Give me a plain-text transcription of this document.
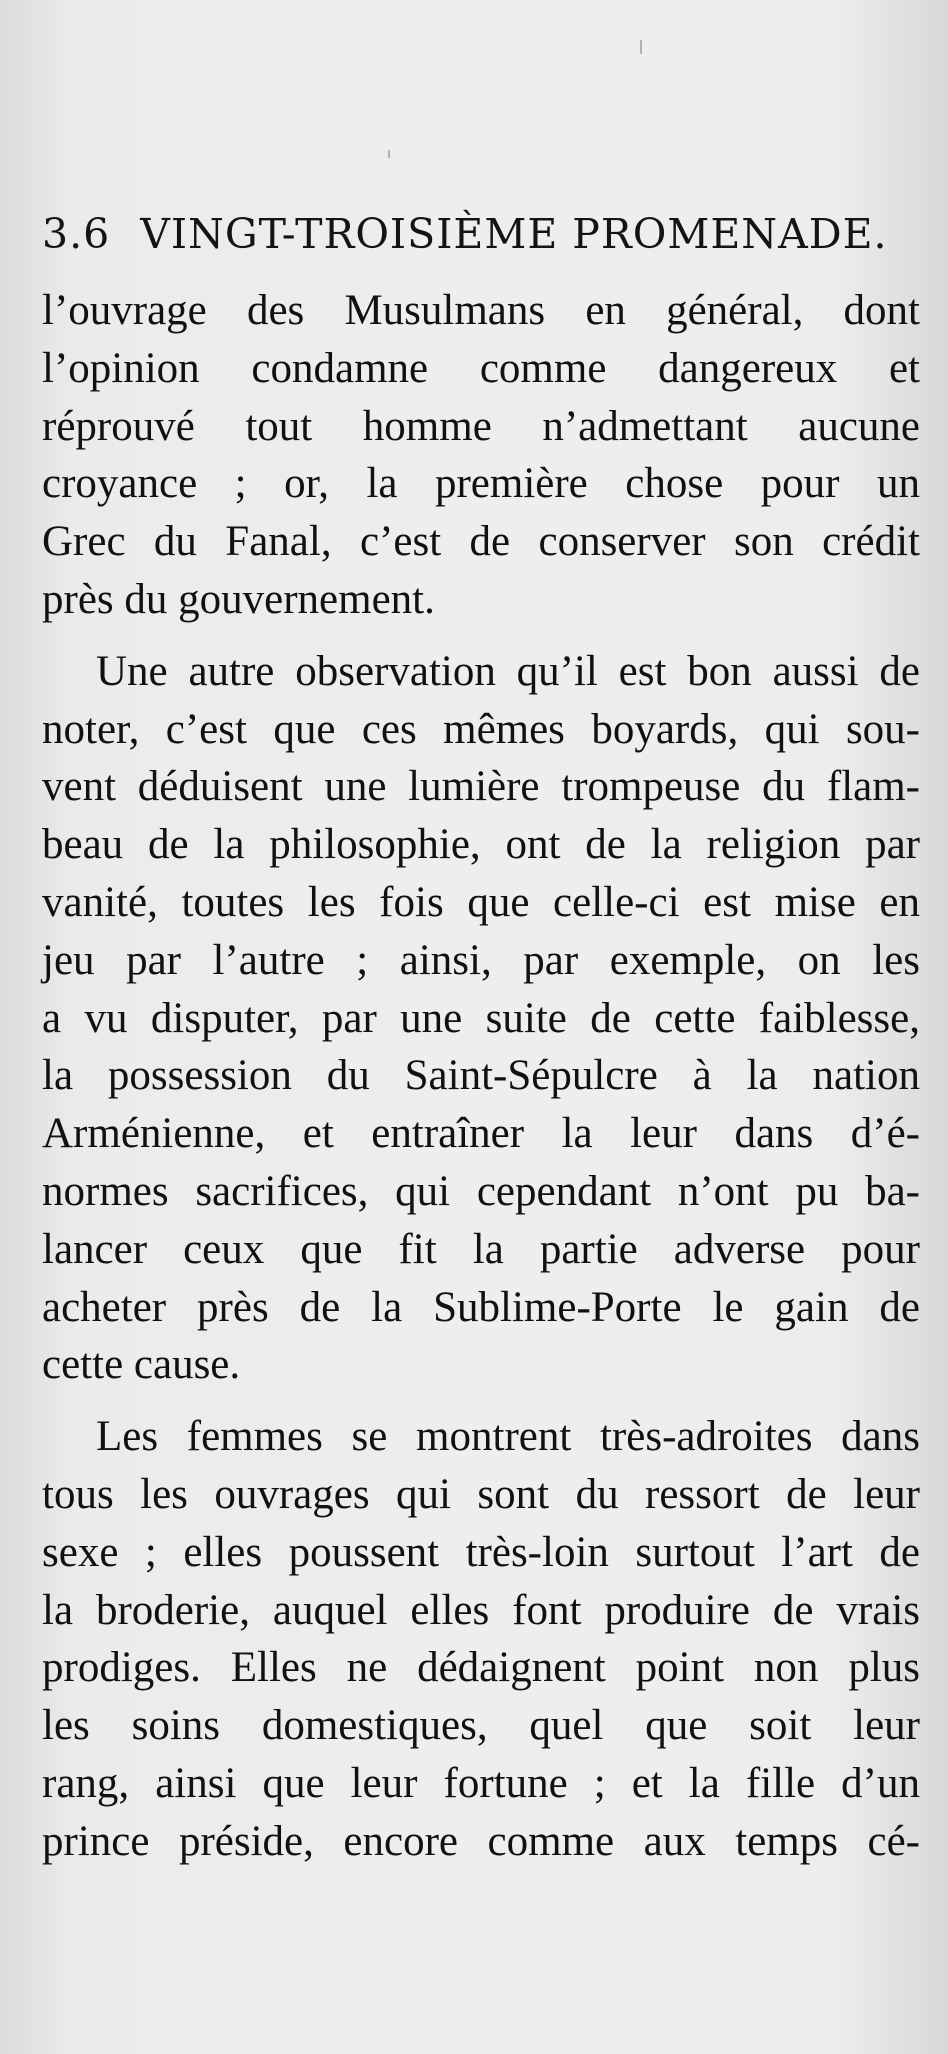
3.6 VINGT-TROISIÈME PROMENADE.
l’ouvrage des Musulmans en général, dont
l’opinion condamne comme dangereux et
réprouvé tout homme n’admettant aucune
croyance ; or, la première chose pour un
Grec du Fanal, c’est de conserver son crédit
près du gouvernement.
Une autre observation qu’il est bon aussi de
noter, c’est que ces mêmes boyards, qui sou-
vent déduisent une lumière trompeuse du flam-
beau de la philosophie, ont de la religion par
vanité, toutes les fois que celle-ci est mise en
jeu par l’autre ; ainsi, par exemple, on les
a vu disputer, par une suite de cette faiblesse,
la possession du Saint-Sépulcre à la nation
Arménienne, et entraîner la leur dans d’é-
normes sacrifices, qui cependant n’ont pu ba-
lancer ceux que fit la partie adverse pour
acheter près de la Sublime-Porte le gain de
cette cause.
Les femmes se montrent très-adroites dans
tous les ouvrages qui sont du ressort de leur
sexe ; elles poussent très-loin surtout l’art de
la broderie, auquel elles font produire de vrais
prodiges. Elles ne dédaignent point non plus
les soins domestiques, quel que soit leur
rang, ainsi que leur fortune ; et la fille d’un
prince préside, encore comme aux temps cé-
